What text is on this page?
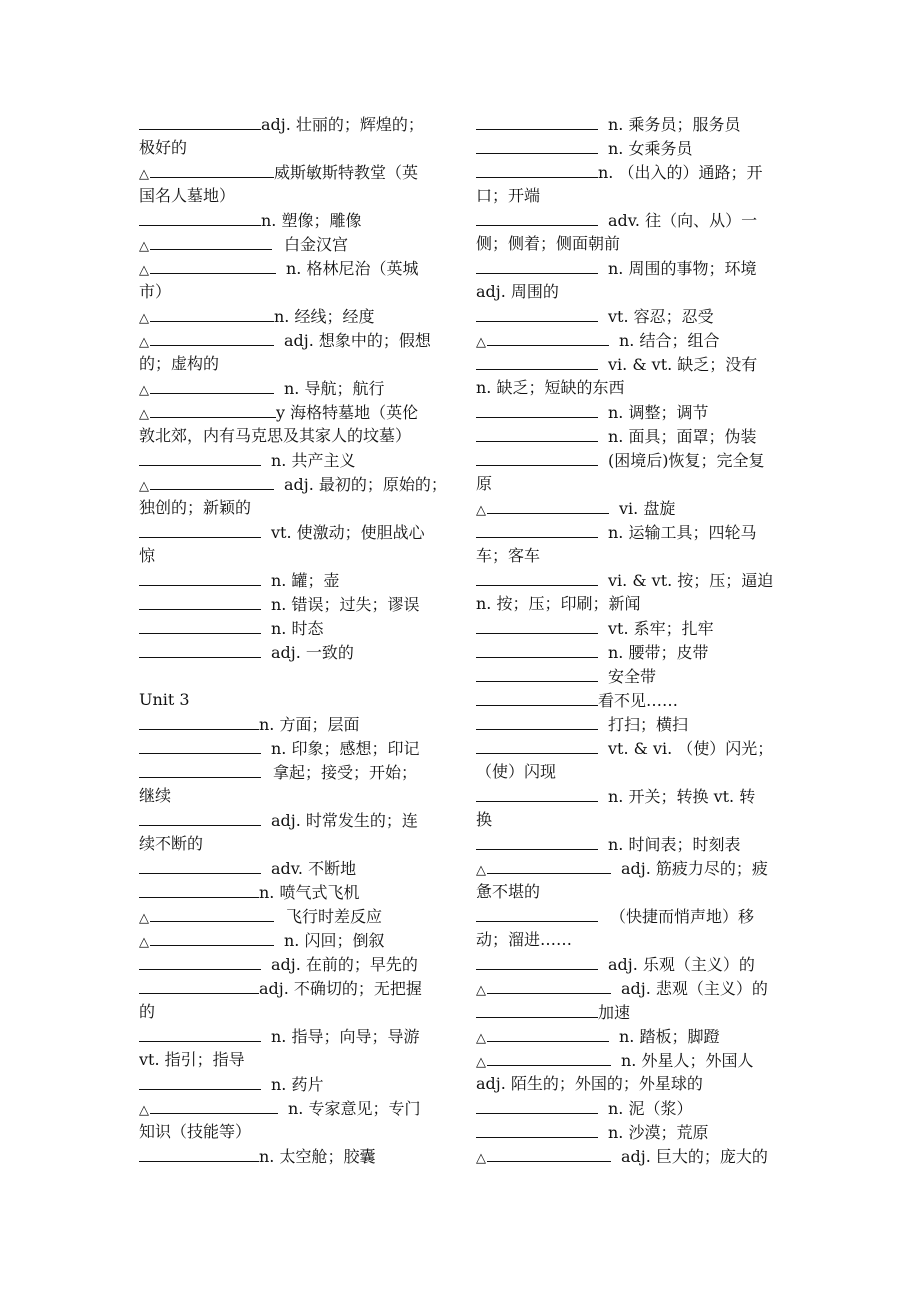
adj. 壮丽的；辉煌的；
极好的
△	威斯敏斯特教堂（英
国名人墓地）
n. 塑像；雕像
△	白金汉宫
△	n. 格林尼治（英城
市）
△	n. 经线；经度
△	adj. 想象中的；假想
的；虚构的
△	n. 导航；航行
△	y 海格特墓地（英伦
敦北郊，内有马克思及其家人的坟墓）
n. 共产主义
△	adj. 最初的；原始的；
独创的；新颖的
vt. 使激动；使胆战心
惊
n. 罐；壶
n. 错误；过失；谬误
n. 时态
adj. 一致的
Unit 3
n. 方面；层面
n. 印象；感想；印记
拿起；接受；开始；
继续
adj. 时常发生的；连
续不断的
adv. 不断地
n. 喷气式飞机
△	飞行时差反应
△	n. 闪回；倒叙
adj. 在前的；早先的
adj. 不确切的；无把握
的
n. 指导；向导；导游
vt. 指引；指导
n. 药片
△	n. 专家意见；专门
知识（技能等）
n. 太空舱；胶囊
n. 乘务员；服务员
n. 女乘务员
n. （出入的）通路；开
口；开端
adv. 往（向、从）一
侧；侧着；侧面朝前
n. 周围的事物；环境
adj. 周围的
vt. 容忍；忍受
△	n. 结合；组合
vi. & vt. 缺乏；没有
n. 缺乏；短缺的东西
n. 调整；调节
n. 面具；面罩；伪装
(困境后)恢复；完全复
原
△	vi. 盘旋
n. 运输工具；四轮马
车；客车
vi. & vt. 按；压；逼迫
n. 按；压；印刷；新闻
vt. 系牢；扎牢
n. 腰带；皮带
安全带
看不见……
打扫；横扫
vt. & vi. （使）闪光；
（使）闪现
n. 开关；转换 vt. 转
换
n. 时间表；时刻表
△	adj. 筋疲力尽的；疲
惫不堪的
（快捷而悄声地）移
动；溜进……
adj. 乐观（主义）的
△	adj. 悲观（主义）的
加速
△	n. 踏板；脚蹬
△	n. 外星人；外国人
adj. 陌生的；外国的；外星球的
n. 泥（浆）
n. 沙漠；荒原
△	adj. 巨大的；庞大的
